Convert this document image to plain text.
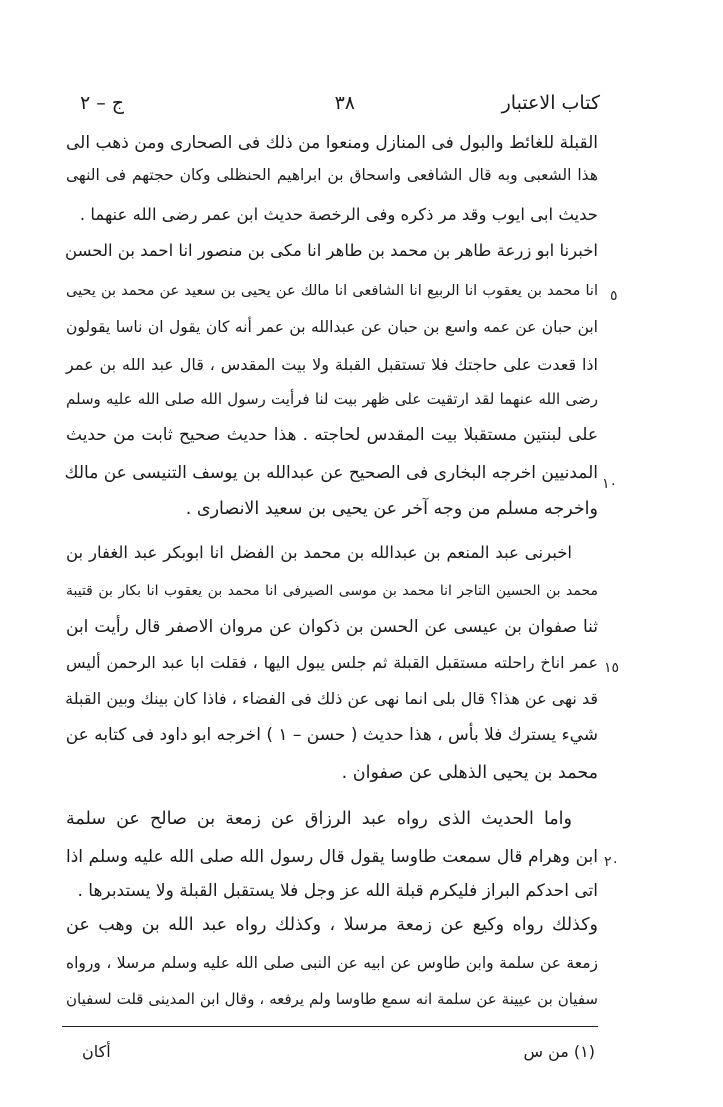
كتاب الاعتبار
٣٨
ج – ٢
القبلة للغائط والبول فى المنازل ومنعوا من ذلك فى الصحارى ومن ذهب الى
هذا الشعبى وبه قال الشافعى واسحاق بن ابراهيم الحنظلى وكان حجتهم فى النهى
حديث ابى ايوب وقد مر ذكره وفى الرخصة حديث ابن عمر رضى الله عنهما .
اخبرنا ابو زرعة طاهر بن محمد بن طاهر انا مكى بن منصور انا احمد بن الحسن
انا محمد بن يعقوب انا الربيع انا الشافعى انا مالك عن يحيى بن سعيد عن محمد بن يحيى
ابن حبان عن عمه واسع بن حبان عن عبدالله بن عمر أنه كان يقول ان ناسا يقولون
اذا قعدت على حاجتك فلا تستقبل القبلة ولا بيت المقدس ، قال عبد الله بن عمر
رضى الله عنهما لقد ارتقيت على ظهر بيت لنا فرأيت رسول الله صلى الله عليه وسلم
على لبنتين مستقبلا بيت المقدس لحاجته . هذا حديث صحيح ثابت من حديث
المدنيين اخرجه البخارى فى الصحيح عن عبدالله بن يوسف التنيسى عن مالك
واخرجه مسلم من وجه آخر عن يحيى بن سعيد الانصارى .
اخبرنى عبد المنعم بن عبدالله بن محمد بن الفضل انا ابوبكر عبد الغفار بن
محمد بن الحسين التاجر انا محمد بن موسى الصيرفى انا محمد بن يعقوب انا بكار بن قتيبة
ثنا صفوان بن عيسى عن الحسن بن ذكوان عن مروان الاصفر قال رأيت ابن
عمر اناخ راحلته مستقبل القبلة ثم جلس يبول اليها ، فقلت ابا عبد الرحمن أليس
قد نهى عن هذا؟ قال بلى انما نهى عن ذلك فى الفضاء ، فاذا كان بينك وبين القبلة
شيء يسترك فلا بأس ، هذا حديث ( حسن – ١ ) اخرجه ابو داود فى كتابه عن
محمد بن يحيى الذهلى عن صفوان .
واما الحديث الذى رواه عبد الرزاق عن زمعة بن صالح عن سلمة
ابن وهرام قال سمعت طاوسا يقول قال رسول الله صلى الله عليه وسلم اذا
اتى احدكم البراز فليكرم قبلة الله عز وجل فلا يستقبل القبلة ولا يستدبرها .
وكذلك رواه وكيع عن زمعة مرسلا ، وكذلك رواه عبد الله بن وهب عن
زمعة عن سلمة وابن طاوس عن ابيه عن النبى صلى الله عليه وسلم مرسلا ، ورواه
سفيان بن عيينة عن سلمة انه سمع طاوسا ولم يرفعه ، وقال ابن المدينى قلت لسفيان
٥
١٠
١٥
٢٠
(١) من س
أكان
